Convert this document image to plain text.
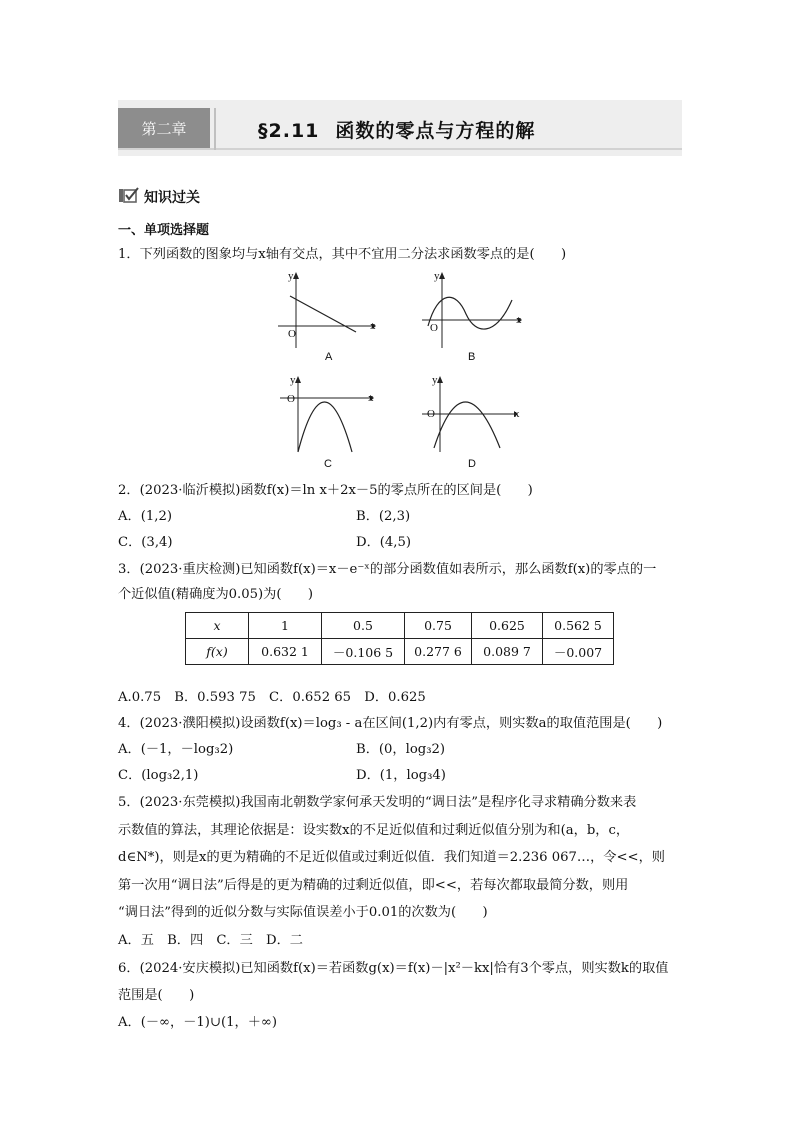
第二章	§2.11 函数的零点与方程的解
知识过关
一、单项选择题
1．下列函数的图象均与x轴有交点，其中不宜用二分法求函数零点的是(　　)
y
x
O
A
y
x
O
B
y
x
O
C
y
x
O
D
2．(2023·临沂模拟)函数f(x)＝ln x＋2x－5的零点所在的区间是(　　)
A．(1,2)	B．(2,3)
C．(3,4)	D．(4,5)
3．(2023·重庆检测)已知函数f(x)＝x－e⁻ˣ的部分函数值如表所示，那么函数f(x)的零点的一
个近似值(精确度为0.05)为(　　)
x	1	0.5	0.75	0.625	0.562 5
f(x)	0.632 1	－0.106 5	0.277 6	0.089 7	－0.007
A.0.75　B．0.593 75　C．0.652 65　D．0.625
4．(2023·濮阳模拟)设函数f(x)＝log₃ - a在区间(1,2)内有零点，则实数a的取值范围是(　　)
A．(－1，－log₃2)	B．(0，log₃2)
C．(log₃2,1)	D．(1，log₃4)
5．(2023·东莞模拟)我国南北朝数学家何承天发明的“调日法”是程序化寻求精确分数来表
示数值的算法，其理论依据是：设实数x的不足近似值和过剩近似值分别为和(a，b，c，
d∈N*)，则是x的更为精确的不足近似值或过剩近似值．我们知道＝2.236 067…，令<<，则
第一次用“调日法”后得是的更为精确的过剩近似值，即<<，若每次都取最简分数，则用
“调日法”得到的近似分数与实际值误差小于0.01的次数为(　　)
A．五　B．四　C．三　D．二
6．(2024·安庆模拟)已知函数f(x)＝若函数g(x)＝f(x)－|x²－kx|恰有3个零点，则实数k的取值
范围是(　　)
A．(－∞，－1)∪(1，＋∞)
